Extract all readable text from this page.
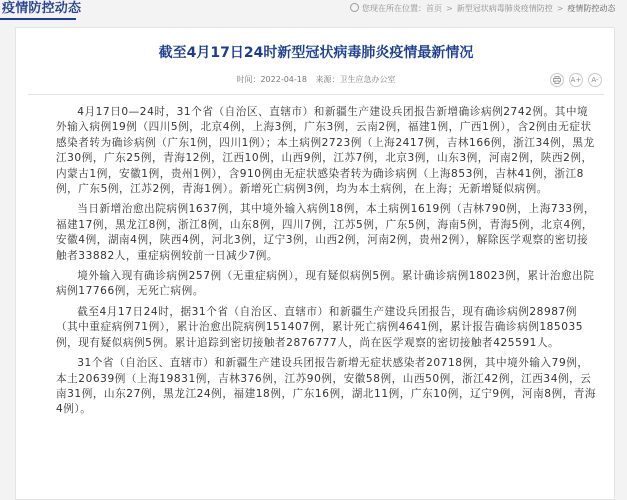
疫情防控动态	您现在所在位置：首页 > 新型冠状病毒肺炎疫情防控 > 疫情防控动态
截至4月17日24时新型冠状病毒肺炎疫情最新情况
时间：2022-04-18 来源：卫生应急办公室	A+	A-

4月17日0—24时，31个省（自治区、直辖市）和新疆生产建设兵团报告新增确诊病例2742例。其中境外输入病例19例（四川5例，北京4例，上海3例，广东3例，云南2例，福建1例，广西1例），含2例由无症状感染者转为确诊病例（广东1例，四川1例）；本土病例2723例（上海2417例，吉林166例，浙江34例，黑龙江30例，广东25例，青海12例，江西10例，山西9例，江苏7例，北京3例，山东3例，河南2例，陕西2例，内蒙古1例，安徽1例，贵州1例），含910例由无症状感染者转为确诊病例（上海853例，吉林41例，浙江8例，广东5例，江苏2例，青海1例）。新增死亡病例3例，均为本土病例，在上海；无新增疑似病例。

当日新增治愈出院病例1637例，其中境外输入病例18例，本土病例1619例（吉林790例，上海733例，福建17例，黑龙江8例，浙江8例，山东8例，四川7例，江苏5例，广东5例，海南5例，青海5例，北京4例，安徽4例，湖南4例，陕西4例，河北3例，辽宁3例，山西2例，河南2例，贵州2例），解除医学观察的密切接触者33882人，重症病例较前一日减少7例。

境外输入现有确诊病例257例（无重症病例），现有疑似病例5例。累计确诊病例18023例，累计治愈出院病例17766例，无死亡病例。

截至4月17日24时，据31个省（自治区、直辖市）和新疆生产建设兵团报告，现有确诊病例28987例（其中重症病例71例），累计治愈出院病例151407例，累计死亡病例4641例，累计报告确诊病例185035例，现有疑似病例5例。累计追踪到密切接触者2876777人，尚在医学观察的密切接触者425591人。

31个省（自治区、直辖市）和新疆生产建设兵团报告新增无症状感染者20718例，其中境外输入79例，本土20639例（上海19831例，吉林376例，江苏90例，安徽58例，山西50例，浙江42例，江西34例，云南31例，山东27例，黑龙江24例，福建18例，广东16例，湖北11例，广东10例，辽宁9例，河南8例，青海4例）。
